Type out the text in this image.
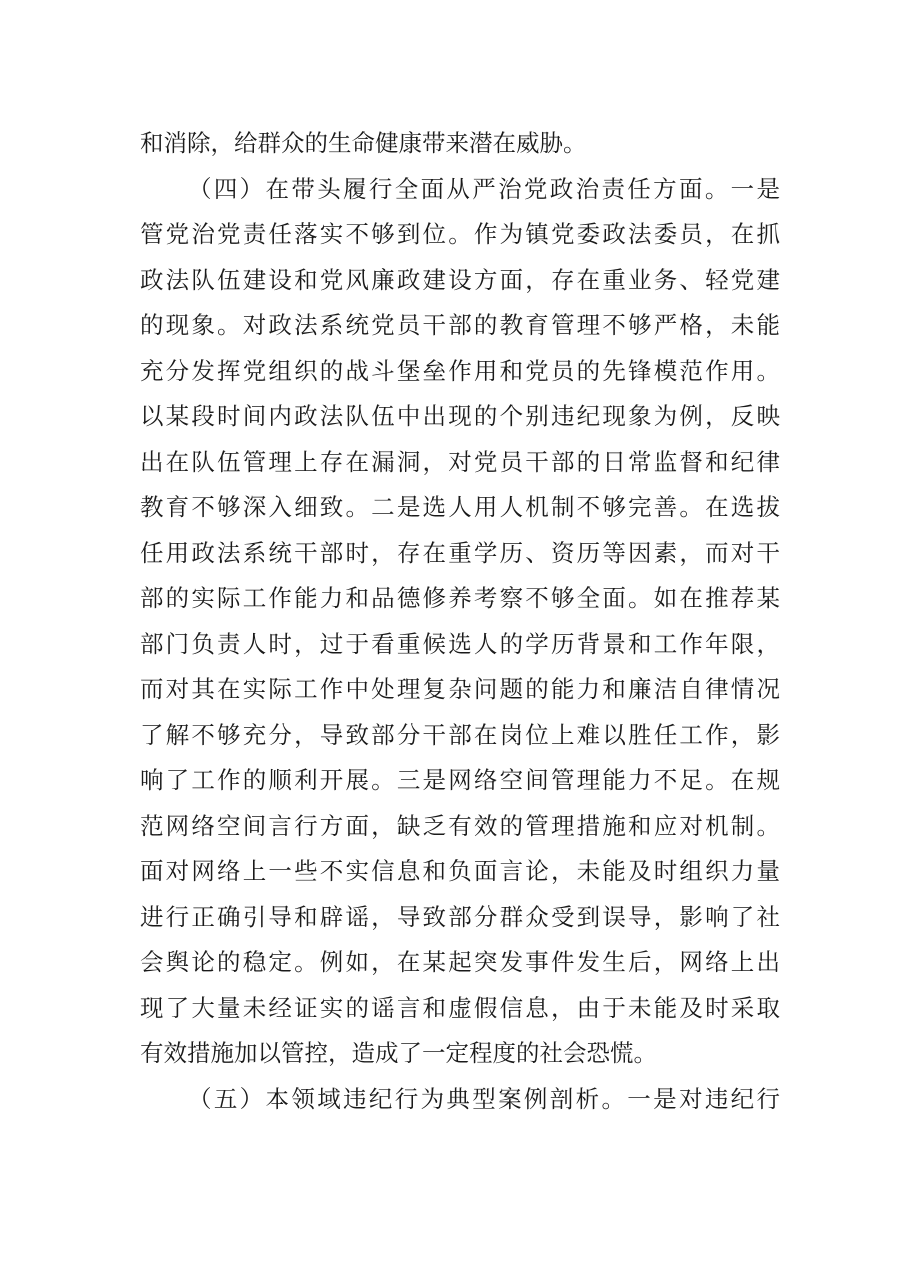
和消除，给群众的生命健康带来潜在威胁。
（四）在带头履行全面从严治党政治责任方面。一是
管党治党责任落实不够到位。作为镇党委政法委员，在抓
政法队伍建设和党风廉政建设方面，存在重业务、轻党建
的现象。对政法系统党员干部的教育管理不够严格，未能
充分发挥党组织的战斗堡垒作用和党员的先锋模范作用。
以某段时间内政法队伍中出现的个别违纪现象为例，反映
出在队伍管理上存在漏洞，对党员干部的日常监督和纪律
教育不够深入细致。二是选人用人机制不够完善。在选拔
任用政法系统干部时，存在重学历、资历等因素，而对干
部的实际工作能力和品德修养考察不够全面。如在推荐某
部门负责人时，过于看重候选人的学历背景和工作年限，
而对其在实际工作中处理复杂问题的能力和廉洁自律情况
了解不够充分，导致部分干部在岗位上难以胜任工作，影
响了工作的顺利开展。三是网络空间管理能力不足。在规
范网络空间言行方面，缺乏有效的管理措施和应对机制。
面对网络上一些不实信息和负面言论，未能及时组织力量
进行正确引导和辟谣，导致部分群众受到误导，影响了社
会舆论的稳定。例如，在某起突发事件发生后，网络上出
现了大量未经证实的谣言和虚假信息，由于未能及时采取
有效措施加以管控，造成了一定程度的社会恐慌。
（五）本领域违纪行为典型案例剖析。一是对违纪行
